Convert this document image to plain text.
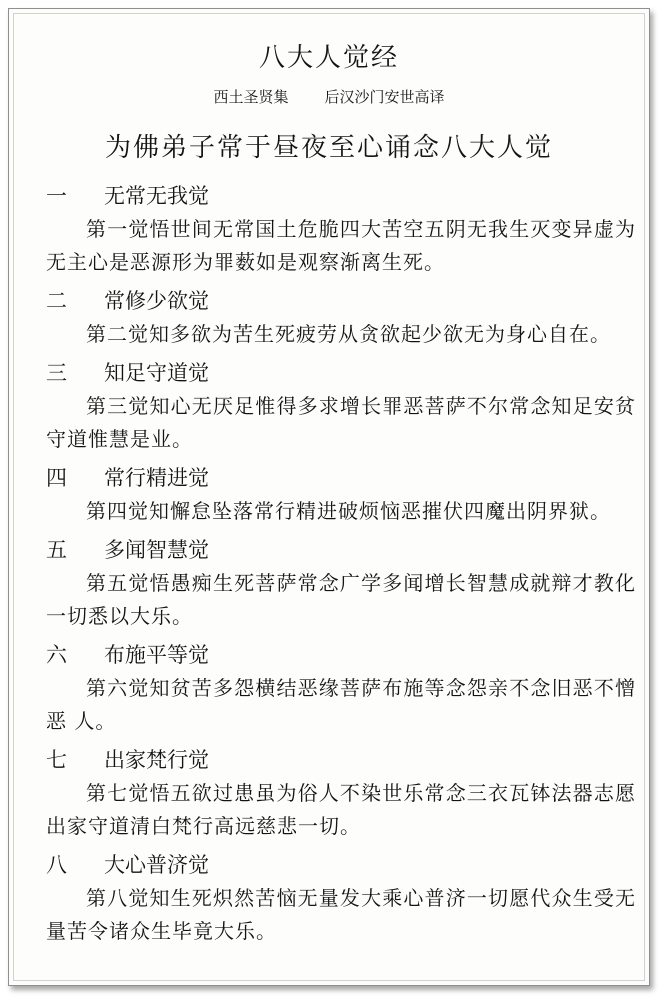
八大人觉经
西土圣贤集 后汉沙门安世高译
为佛弟子常于昼夜至心诵念八大人觉
一 无常无我觉

第一觉悟世间无常国土危脆四大苦空五阴无我生灭变异虚为无主心是恶源形为罪薮如是观察渐离生死。

二 常修少欲觉

第二觉知多欲为苦生死疲劳从贪欲起少欲无为身心自在。

三 知足守道觉

第三觉知心无厌足惟得多求增长罪恶菩萨不尔常念知足安贫守道惟慧是业。

四 常行精进觉

第四觉知懈怠坠落常行精进破烦恼恶摧伏四魔出阴界狱。

五 多闻智慧觉

第五觉悟愚痴生死菩萨常念广学多闻增长智慧成就辩才教化一切悉以大乐。

六 布施平等觉

第六觉知贫苦多怨横结恶缘菩萨布施等念怨亲不念旧恶不憎恶 人。

七 出家梵行觉

第七觉悟五欲过患虽为俗人不染世乐常念三衣瓦钵法器志愿出家守道清白梵行高远慈悲一切。

八 大心普济觉

第八觉知生死炽然苦恼无量发大乘心普济一切愿代众生受无量苦令诸众生毕竟大乐。
